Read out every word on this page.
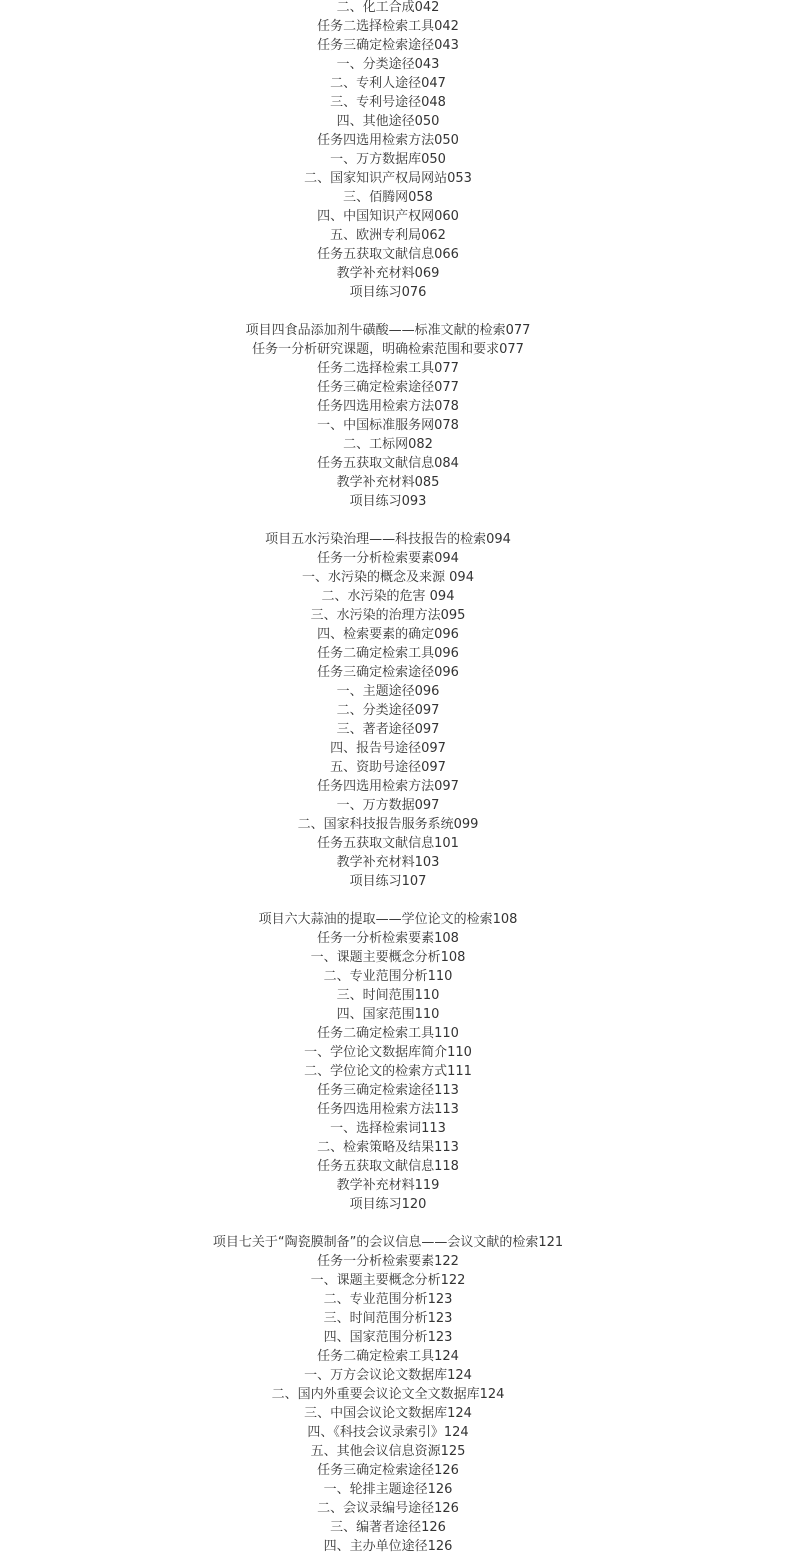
二、化工合成042
任务二选择检索工具042
任务三确定检索途径043
一、分类途径043
二、专利人途径047
三、专利号途径048
四、其他途径050
任务四选用检索方法050
一、万方数据库050
二、国家知识产权局网站053
三、佰腾网058
四、中国知识产权网060
五、欧洲专利局062
任务五获取文献信息066
教学补充材料069
项目练习076
项目四食品添加剂牛磺酸——标准文献的检索077
任务一分析研究课题，明确检索范围和要求077
任务二选择检索工具077
任务三确定检索途径077
任务四选用检索方法078
一、中国标准服务网078
二、工标网082
任务五获取文献信息084
教学补充材料085
项目练习093
项目五水污染治理——科技报告的检索094
任务一分析检索要素094
一、水污染的概念及来源 094
二、水污染的危害 094
三、水污染的治理方法095
四、检索要素的确定096
任务二确定检索工具096
任务三确定检索途径096
一、主题途径096
二、分类途径097
三、著者途径097
四、报告号途径097
五、资助号途径097
任务四选用检索方法097
一、万方数据097
二、国家科技报告服务系统099
任务五获取文献信息101
教学补充材料103
项目练习107
项目六大蒜油的提取——学位论文的检索108
任务一分析检索要素108
一、课题主要概念分析108
二、专业范围分析110
三、时间范围110
四、国家范围110
任务二确定检索工具110
一、学位论文数据库简介110
二、学位论文的检索方式111
任务三确定检索途径113
任务四选用检索方法113
一、选择检索词113
二、检索策略及结果113
任务五获取文献信息118
教学补充材料119
项目练习120
项目七关于“陶瓷膜制备”的会议信息——会议文献的检索121
任务一分析检索要素122
一、课题主要概念分析122
二、专业范围分析123
三、时间范围分析123
四、国家范围分析123
任务二确定检索工具124
一、万方会议论文数据库124
二、国内外重要会议论文全文数据库124
三、中国会议论文数据库124
四、《科技会议录索引》124
五、其他会议信息资源125
任务三确定检索途径126
一、轮排主题途径126
二、会议录编号途径126
三、编著者途径126
四、主办单位途径126
